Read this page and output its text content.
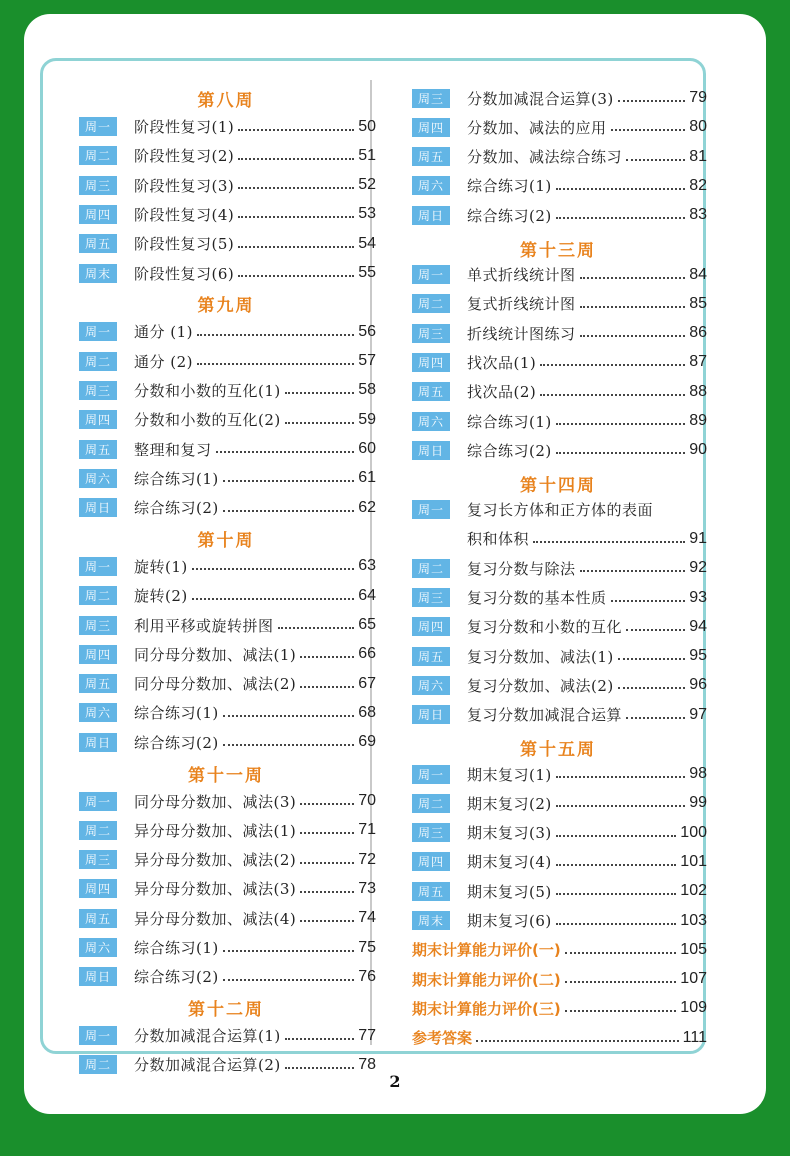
第八周
周一	阶段性复习(1)	50
周二	阶段性复习(2)	51
周三	阶段性复习(3)	52
周四	阶段性复习(4)	53
周五	阶段性复习(5)	54
周末	阶段性复习(6)	55
第九周
周一	通分 (1)	56
周二	通分 (2)	57
周三	分数和小数的互化(1)	58
周四	分数和小数的互化(2)	59
周五	整理和复习	60
周六	综合练习(1)	61
周日	综合练习(2)	62
第十周
周一	旋转(1)	63
周二	旋转(2)	64
周三	利用平移或旋转拼图	65
周四	同分母分数加、减法(1)	66
周五	同分母分数加、减法(2)	67
周六	综合练习(1)	68
周日	综合练习(2)	69
第十一周
周一	同分母分数加、减法(3)	70
周二	异分母分数加、减法(1)	71
周三	异分母分数加、减法(2)	72
周四	异分母分数加、减法(3)	73
周五	异分母分数加、减法(4)	74
周六	综合练习(1)	75
周日	综合练习(2)	76
第十二周
周一	分数加减混合运算(1)	77
周二	分数加减混合运算(2)	78
周三	分数加减混合运算(3)	79
周四	分数加、减法的应用	80
周五	分数加、减法综合练习	81
周六	综合练习(1)	82
周日	综合练习(2)	83
第十三周
周一	单式折线统计图	84
周二	复式折线统计图	85
周三	折线统计图练习	86
周四	找次品(1)	87
周五	找次品(2)	88
周六	综合练习(1)	89
周日	综合练习(2)	90
第十四周
周一	复习长方体和正方体的表面
积和体积	91
周二	复习分数与除法	92
周三	复习分数的基本性质	93
周四	复习分数和小数的互化	94
周五	复习分数加、减法(1)	95
周六	复习分数加、减法(2)	96
周日	复习分数加减混合运算	97
第十五周
周一	期末复习(1)	98
周二	期末复习(2)	99
周三	期末复习(3)	100
周四	期末复习(4)	101
周五	期末复习(5)	102
周末	期末复习(6)	103
期末计算能力评价(一)	105
期末计算能力评价(二)	107
期末计算能力评价(三)	109
参考答案	111
2
